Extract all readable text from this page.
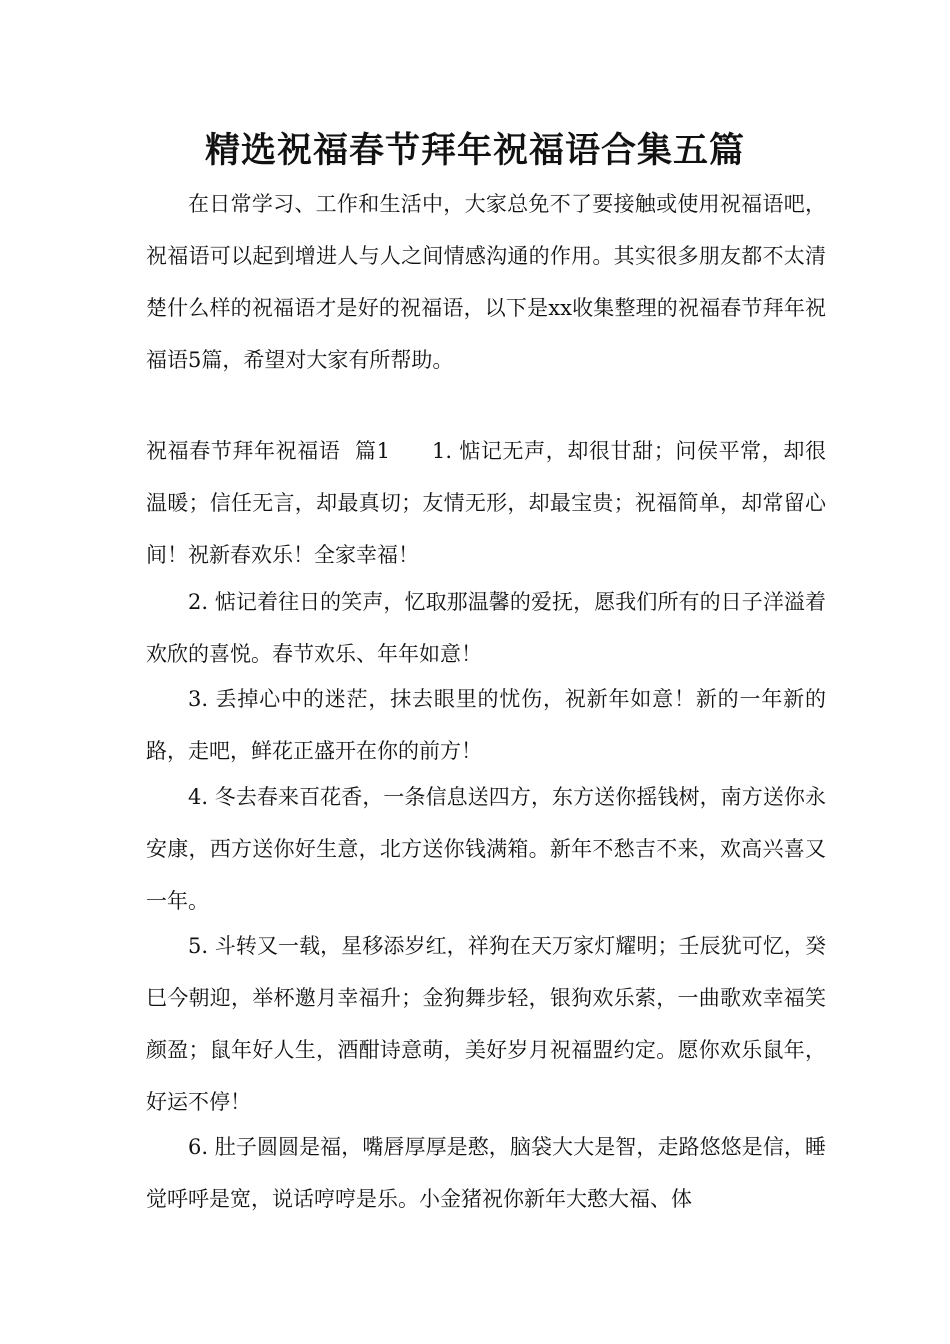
精选祝福春节拜年祝福语合集五篇
在日常学习、工作和生活中，大家总免不了要接触或使用祝福语吧，祝福语可以起到增进人与人之间情感沟通的作用。其实很多朋友都不太清楚什么样的祝福语才是好的祝福语，以下是xx收集整理的祝福春节拜年祝福语5篇，希望对大家有所帮助。
祝福春节拜年祝福语  篇1 1. 惦记无声，却很甘甜；问侯平常，却很温暖；信任无言，却最真切；友情无形，却最宝贵；祝福简单，却常留心间！祝新春欢乐！全家幸福！
2. 惦记着往日的笑声，忆取那温馨的爱抚，愿我们所有的日子洋溢着欢欣的喜悦。春节欢乐、年年如意！
3. 丢掉心中的迷茫，抹去眼里的忧伤，祝新年如意！新的一年新的路，走吧，鲜花正盛开在你的前方！
4. 冬去春来百花香，一条信息送四方，东方送你摇钱树，南方送你永安康，西方送你好生意，北方送你钱满箱。新年不愁吉不来，欢高兴喜又一年。
5. 斗转又一载，星移添岁红，祥狗在天万家灯耀明；壬辰犹可忆，癸巳今朝迎，举杯邀月幸福升；金狗舞步轻，银狗欢乐萦，一曲歌欢幸福笑颜盈；鼠年好人生，酒酣诗意萌，美好岁月祝福盟约定。愿你欢乐鼠年，好运不停！
6. 肚子圆圆是福，嘴唇厚厚是憨，脑袋大大是智，走路悠悠是信，睡觉呼呼是宽，说话哼哼是乐。小金猪祝你新年大憨大福、体
